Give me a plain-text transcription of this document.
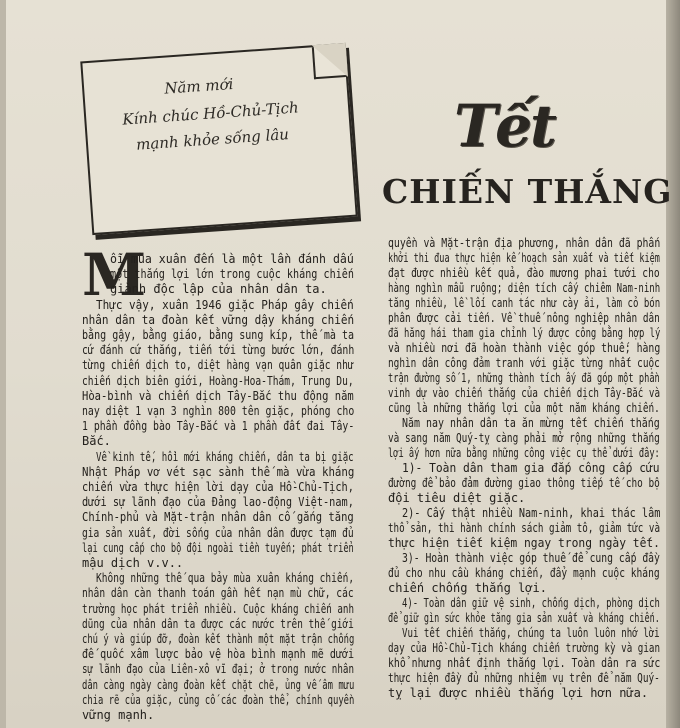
Năm mới
Kính chúc Hồ-Chủ-Tịch
mạnh khỏe sống lâu	Tết
CHIẾN THẮNG
M
ỗi mùa xuân đến là một lần đánh dấu
một thắng lợi lớn trong cuộc kháng chiến
giành độc lập của nhân dân ta.
Thực vậy, xuân 1946 giặc Pháp gây chiến
nhân dân ta đoàn kết vững dậy kháng chiến
bằng gậy, bằng giáo, bằng sung kíp, thế mà ta
cứ đánh cứ thắng, tiến tới từng bước lớn, đánh
từng chiến dịch to, diệt hàng vạn quân giặc như
chiến dịch biên giới, Hoàng-Hoa-Thám, Trung Du,
Hòa-bình và chiến dịch Tây-Bắc thu động năm
nay diệt 1 vạn 3 nghìn 800 tên giặc, phóng cho
1 phần đồng bào Tây-Bắc và 1 phần đất đai Tây-
Bắc.
Về kinh tế, hồi mới kháng chiến, dân ta bị giặc
Nhật Pháp vơ vét sạc sành thế mà vừa kháng
chiến vừa thực hiện lời dạy của Hồ-Chủ-Tịch,
dưới sự lãnh đạo của Đảng lao-động Việt-nam,
Chính-phủ và Mặt-trận nhân dân cố gắng tăng
gia sản xuất, đời sống của nhân dân được tạm đủ
lại cung cấp cho bộ đội ngoài tiền tuyến; phát triển
mậu dịch v.v..
Không những thế qua bảy mùa xuân kháng chiến,
nhân dân càn thanh toán gần hết nạn mù chữ, các
trường học phát triển nhiều. Cuộc kháng chiến anh
dũng của nhân dân ta được các nước trên thế giới
chú ý và giúp đỡ, đoàn kết thành một mặt trận chống
đế quốc xâm lược bảo vệ hòa bình mạnh mẽ dưới
sự lãnh đạo của Liên-xô vĩ đại; ở trong nước nhân
dân càng ngày càng đoàn kết chặt chẽ, ủng vế âm mưu
chia rẽ của giặc, củng cố các đoàn thể, chính quyền
vững mạnh.
quyền và Mặt-trận địa phương, nhân dân đã phấn
khởi thi đua thực hiện kế hoạch sản xuất và tiết kiệm
đạt được nhiều kết quả, đào mương phai tưới cho
hàng nghìn mẫu ruộng; diện tích cấy chiêm Nam-ninh
tăng nhiều, lề lối canh tác như cày ải, làm cỏ bón
phân được cải tiến. Về thuế nông nghiệp nhân dân
đã hăng hái tham gia chỉnh lý được công bằng hợp lý
và nhiều nơi đã hoàn thành việc góp thuế; hàng
nghìn dân công đảm tranh với giặc từng nhất cuộc
trận đường số 1, những thành tích ấy đã góp một phần
vinh dự vào chiến thắng của chiến dịch Tây-Bắc và
cũng là những thắng lợi của một năm kháng chiến.
Năm nay nhân dân ta ăn mừng tết chiến thắng
và sang năm Quý-tỵ càng phải mở rộng những thắng
lợi ấy hơn nữa bằng những công việc cụ thể dưới đây:
1)- Toàn dân tham gia đắp công cấp cứu
đường để bảo đảm đường giao thông tiếp tế cho bộ
đội tiêu diệt giặc.
2)- Cấy thật nhiều Nam-ninh, khai thác lâm
thổ sản, thi hành chính sách giảm tô, giảm tức và
thực hiện tiết kiệm ngay trong ngày tết.
3)- Hoàn thành việc góp thuế để cung cấp đầy
đủ cho nhu cầu kháng chiến, đẩy mạnh cuộc kháng
chiến chống thắng lợi.
4)- Toàn dân giữ vệ sinh, chống dịch, phòng dịch
để giữ gìn sức khỏe tăng gia sản xuất và kháng chiến.
Vui tết chiến thắng, chúng ta luôn luôn nhớ lời
dạy của Hồ-Chủ-Tịch kháng chiến trường kỳ và gian
khổ nhưng nhất định thắng lợi. Toàn dân ra sức
thực hiện đầy đủ những nhiệm vụ trên để năm Quý-
tỵ lại được nhiều thắng lợi hơn nữa.
